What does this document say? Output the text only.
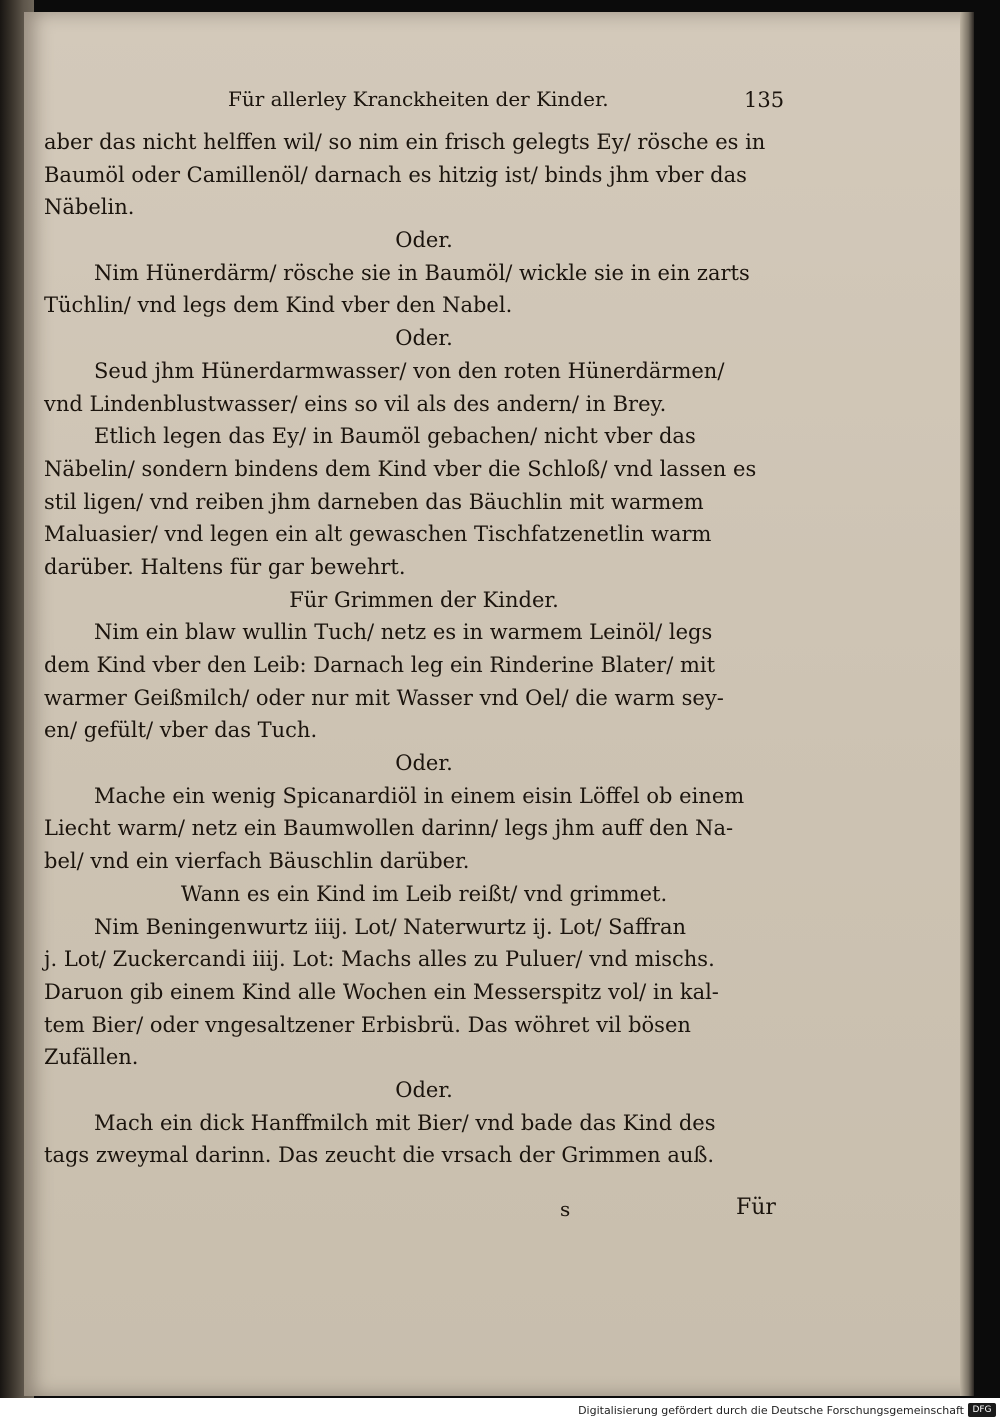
Für allerley Kranckheiten der Kinder.	135
aber das nicht helffen wil/ so nim ein frisch gelegts Ey/ rösche es in
Baumöl oder Camillenöl/ darnach es hitzig ist/ binds jhm vber das
Näbelin.
Oder.
Nim Hünerdärm/ rösche sie in Baumöl/ wickle sie in ein zarts
Tüchlin/ vnd legs dem Kind vber den Nabel.
Oder.
Seud jhm Hünerdarmwasser/ von den roten Hünerdärmen/
vnd Lindenblustwasser/ eins so vil als des andern/ in Brey.
Etlich legen das Ey/ in Baumöl gebachen/ nicht vber das
Näbelin/ sondern bindens dem Kind vber die Schloß/ vnd lassen es
stil ligen/ vnd reiben jhm darneben das Bäuchlin mit warmem
Maluasier/ vnd legen ein alt gewaschen Tischfatzenetlin warm
darüber. Haltens für gar bewehrt.
Für Grimmen der Kinder.
Nim ein blaw wullin Tuch/ netz es in warmem Leinöl/ legs
dem Kind vber den Leib: Darnach leg ein Rinderine Blater/ mit
warmer Geißmilch/ oder nur mit Wasser vnd Oel/ die warm sey-
en/ gefült/ vber das Tuch.
Oder.
Mache ein wenig Spicanardiöl in einem eisin Löffel ob einem
Liecht warm/ netz ein Baumwollen darinn/ legs jhm auff den Na-
bel/ vnd ein vierfach Bäuschlin darüber.
Wann es ein Kind im Leib reißt/ vnd grimmet.
Nim Beningenwurtz iiij. Lot/ Naterwurtz ij. Lot/ Saffran
j. Lot/ Zuckercandi iiij. Lot: Machs alles zu Puluer/ vnd mischs.
Daruon gib einem Kind alle Wochen ein Messerspitz vol/ in kal-
tem Bier/ oder vngesaltzener Erbisbrü. Das wöhret vil bösen
Zufällen.
Oder.
Mach ein dick Hanffmilch mit Bier/ vnd bade das Kind des
tags zweymal darinn. Das zeucht die vrsach der Grimmen auß.
s	Für
Digitalisierung gefördert durch die Deutsche Forschungsgemeinschaft DFG
